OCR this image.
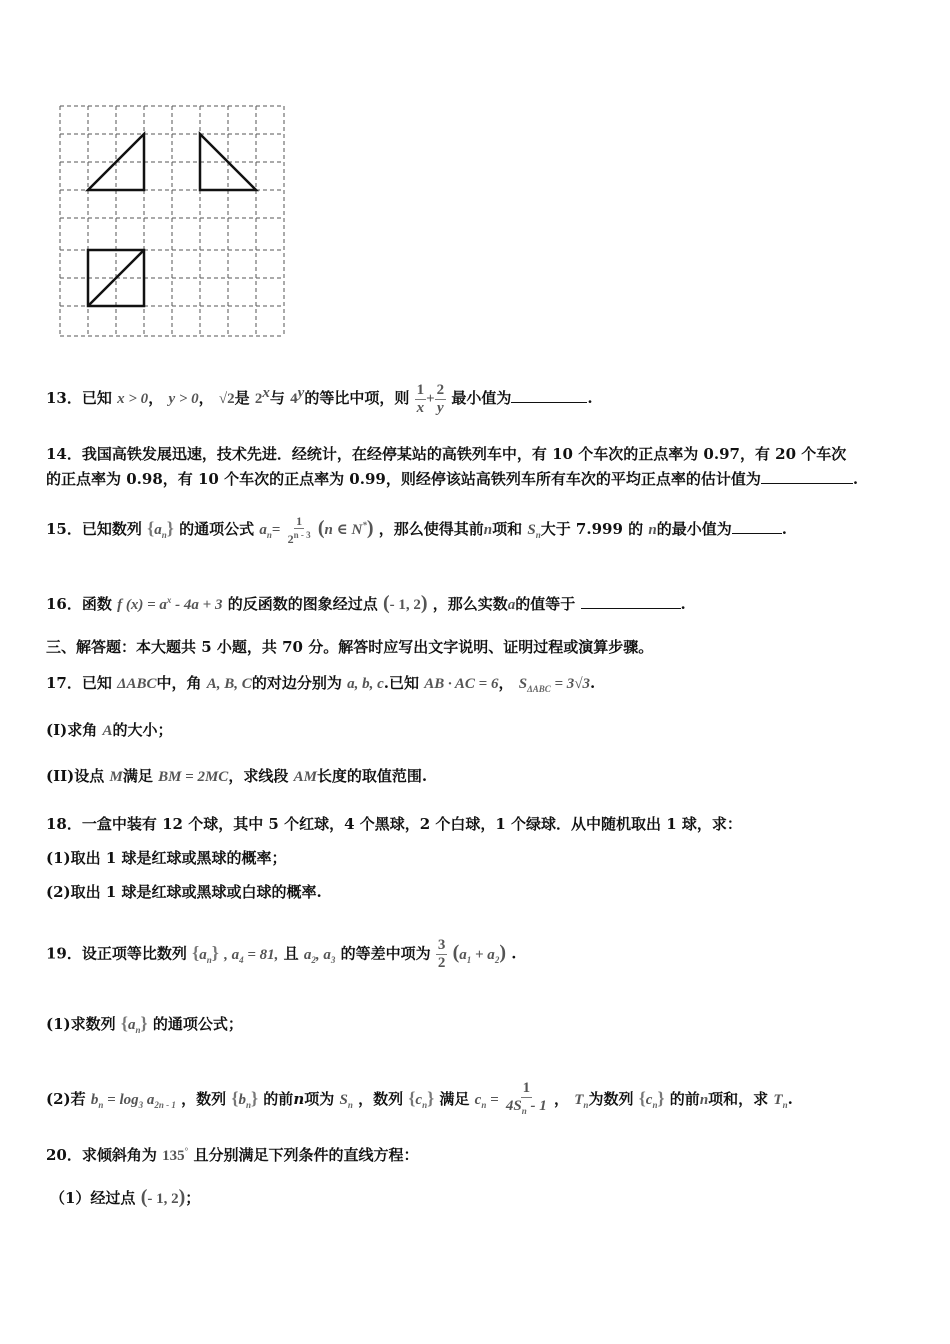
13．已知 x > 0， y > 0， √2是 2$^x$与 4$^y$的等比中项，则 $\frac{1}{x} + \frac{2}{y}$ 最小值为	.
14．我国高铁发展迅速，技术先进．经统计，在经停某站的高铁列车中，有 10 个车次的正点率为 0.97，有 20 个车次
的正点率为 0.98，有 10 个车次的正点率为 0.99，则经停该站高铁列车所有车次的平均正点率的估计值为	.
15．已知数列 $\{a_n\}$ 的通项公式 $a_n= \frac{1}{2^{n - 3}} (n$ ∈ N*) ，那么使得其前n项和 $S_n$大于 7.999 的 n的最小值为	.
16．函数 f $(x) = a^x - 4a + 3$ 的反函数的图象经过点 (- 1, 2) ，那么实数a的值等于	.
三、解答题：本大题共 5 小题，共 70 分。解答时应写出文字说明、证明过程或演算步骤。
17．已知 ΔABC中，角 A, B, C的对边分别为 a, b, c.已知 AB · AC = 6， $S_{\Delta ABC} = 3√3$.
(I)求角 A的大小；
(II)设点 M满足 BM = 2MC，求线段 AM长度的取值范围.
18．一盒中装有 12 个球，其中 5 个红球，4 个黑球，2 个白球，1 个绿球．从中随机取出 1 球，求：
(1)取出 1 球是红球或黑球的概率；
(2)取出 1 球是红球或黑球或白球的概率.
19．设正项等比数列 $\{a_n\}$ , $a_4 = 81$, 且 $a_2$, $a_3$ 的等差中项为 $\frac{3}{2} (a_1 + a_2)$ .
(1)求数列 $\{a_n\}$ 的通项公式；
(2)若 $b_n = \log_3 a_{2n - 1}$ ，数列 $\{b_n\}$ 的前n项为 $S_n$ ，数列 $\{c_n\}$ 满足 $c_n = \frac{1}{4S_n - 1}$ ， $T_n$为数列 $\{c_n\}$ 的前n项和，求 $T_n$.
20．求倾斜角为 135° 且分别满足下列条件的直线方程：
（1）经过点 (- 1, 2)；
